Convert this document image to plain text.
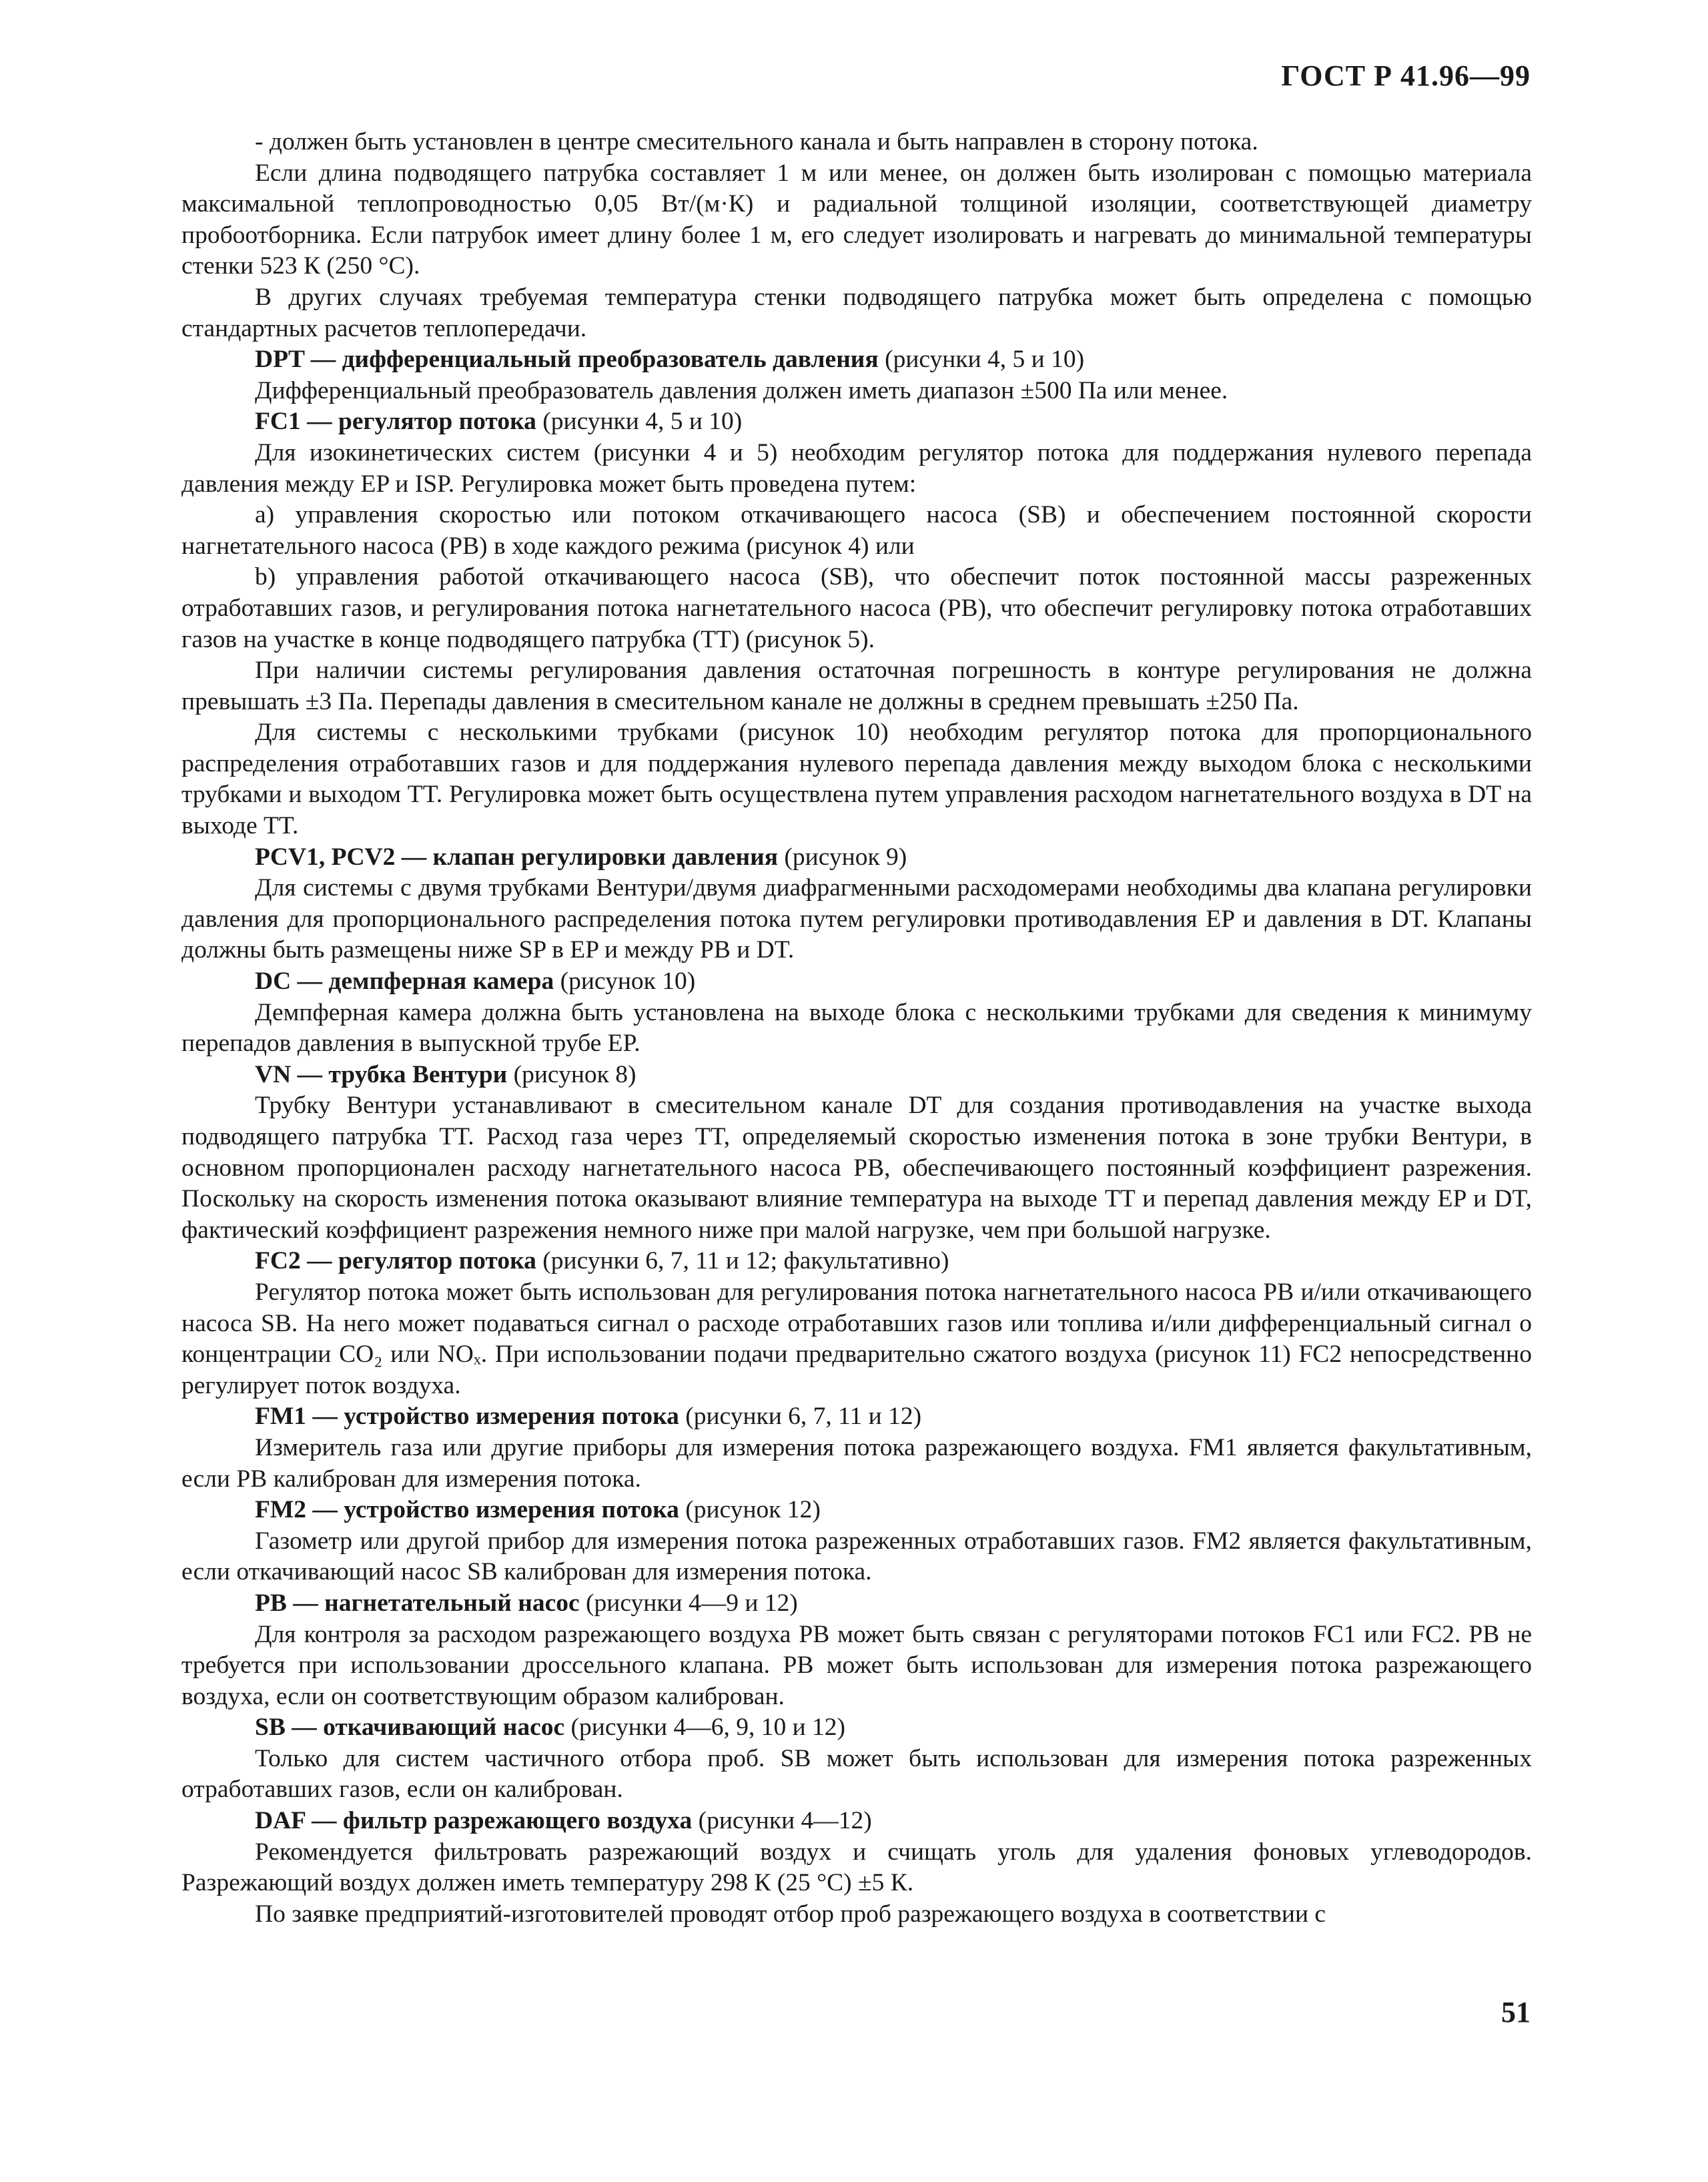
ГОСТ Р 41.96—99

- должен быть установлен в центре смесительного канала и быть направлен в сторону потока.

Если длина подводящего патрубка составляет 1 м или менее, он должен быть изолирован с помощью материала максимальной теплопроводностью 0,05 Вт/(м·К) и радиальной толщиной изоляции, соответствующей диаметру пробоотборника. Если патрубок имеет длину более 1 м, его следует изолировать и нагревать до минимальной температуры стенки 523 К (250 °С).

В других случаях требуемая температура стенки подводящего патрубка может быть определена с помощью стандартных расчетов теплопередачи.

DPT — дифференциальный преобразователь давления (рисунки 4, 5 и 10)

Дифференциальный преобразователь давления должен иметь диапазон ±500 Па или менее.

FC1 — регулятор потока (рисунки 4, 5 и 10)

Для изокинетических систем (рисунки 4 и 5) необходим регулятор потока для поддержания нулевого перепада давления между EP и ISP. Регулировка может быть проведена путем:

a) управления скоростью или потоком откачивающего насоса (SB) и обеспечением постоянной скорости нагнетательного насоса (PB) в ходе каждого режима (рисунок 4) или

b) управления работой откачивающего насоса (SB), что обеспечит поток постоянной массы разреженных отработавших газов, и регулирования потока нагнетательного насоса (PB), что обеспечит регулировку потока отработавших газов на участке в конце подводящего патрубка (TT) (рисунок 5).

При наличии системы регулирования давления остаточная погрешность в контуре регулирования не должна превышать ±3 Па. Перепады давления в смесительном канале не должны в среднем превышать ±250 Па.

Для системы с несколькими трубками (рисунок 10) необходим регулятор потока для пропорционального распределения отработавших газов и для поддержания нулевого перепада давления между выходом блока с несколькими трубками и выходом TT. Регулировка может быть осуществлена путем управления расходом нагнетательного воздуха в DT на выходе TT.

PCV1, PCV2 — клапан регулировки давления (рисунок 9)

Для системы с двумя трубками Вентури/двумя диафрагменными расходомерами необходимы два клапана регулировки давления для пропорционального распределения потока путем регулировки противодавления EP и давления в DT. Клапаны должны быть размещены ниже SP в EP и между PB и DT.

DC — демпферная камера (рисунок 10)

Демпферная камера должна быть установлена на выходе блока с несколькими трубками для сведения к минимуму перепадов давления в выпускной трубе EP.

VN — трубка Вентури (рисунок 8)

Трубку Вентури устанавливают в смесительном канале DT для создания противодавления на участке выхода подводящего патрубка TT. Расход газа через TT, определяемый скоростью изменения потока в зоне трубки Вентури, в основном пропорционален расходу нагнетательного насоса PB, обеспечивающего постоянный коэффициент разрежения. Поскольку на скорость изменения потока оказывают влияние температура на выходе TT и перепад давления между EP и DT, фактический коэффициент разрежения немного ниже при малой нагрузке, чем при большой нагрузке.

FC2 — регулятор потока (рисунки 6, 7, 11 и 12; факультативно)

Регулятор потока может быть использован для регулирования потока нагнетательного насоса PB и/или откачивающего насоса SB. На него может подаваться сигнал о расходе отработавших газов или топлива и/или дифференциальный сигнал о концентрации CO₂ или NOₓ. При использовании подачи предварительно сжатого воздуха (рисунок 11) FC2 непосредственно регулирует поток воздуха.

FM1 — устройство измерения потока (рисунки 6, 7, 11 и 12)

Измеритель газа или другие приборы для измерения потока разрежающего воздуха. FM1 является факультативным, если PB калиброван для измерения потока.

FM2 — устройство измерения потока (рисунок 12)

Газометр или другой прибор для измерения потока разреженных отработавших газов. FM2 является факультативным, если откачивающий насос SB калиброван для измерения потока.

PB — нагнетательный насос (рисунки 4—9 и 12)

Для контроля за расходом разрежающего воздуха PB может быть связан с регуляторами потоков FC1 или FC2. PB не требуется при использовании дроссельного клапана. PB может быть использован для измерения потока разрежающего воздуха, если он соответствующим образом калиброван.

SB — откачивающий насос (рисунки 4—6, 9, 10 и 12)

Только для систем частичного отбора проб. SB может быть использован для измерения потока разреженных отработавших газов, если он калиброван.

DAF — фильтр разрежающего воздуха (рисунки 4—12)

Рекомендуется фильтровать разрежающий воздух и счищать уголь для удаления фоновых углеводородов. Разрежающий воздух должен иметь температуру 298 К (25 °С) ±5 К.

По заявке предприятий-изготовителей проводят отбор проб разрежающего воздуха в соответствии с

51
